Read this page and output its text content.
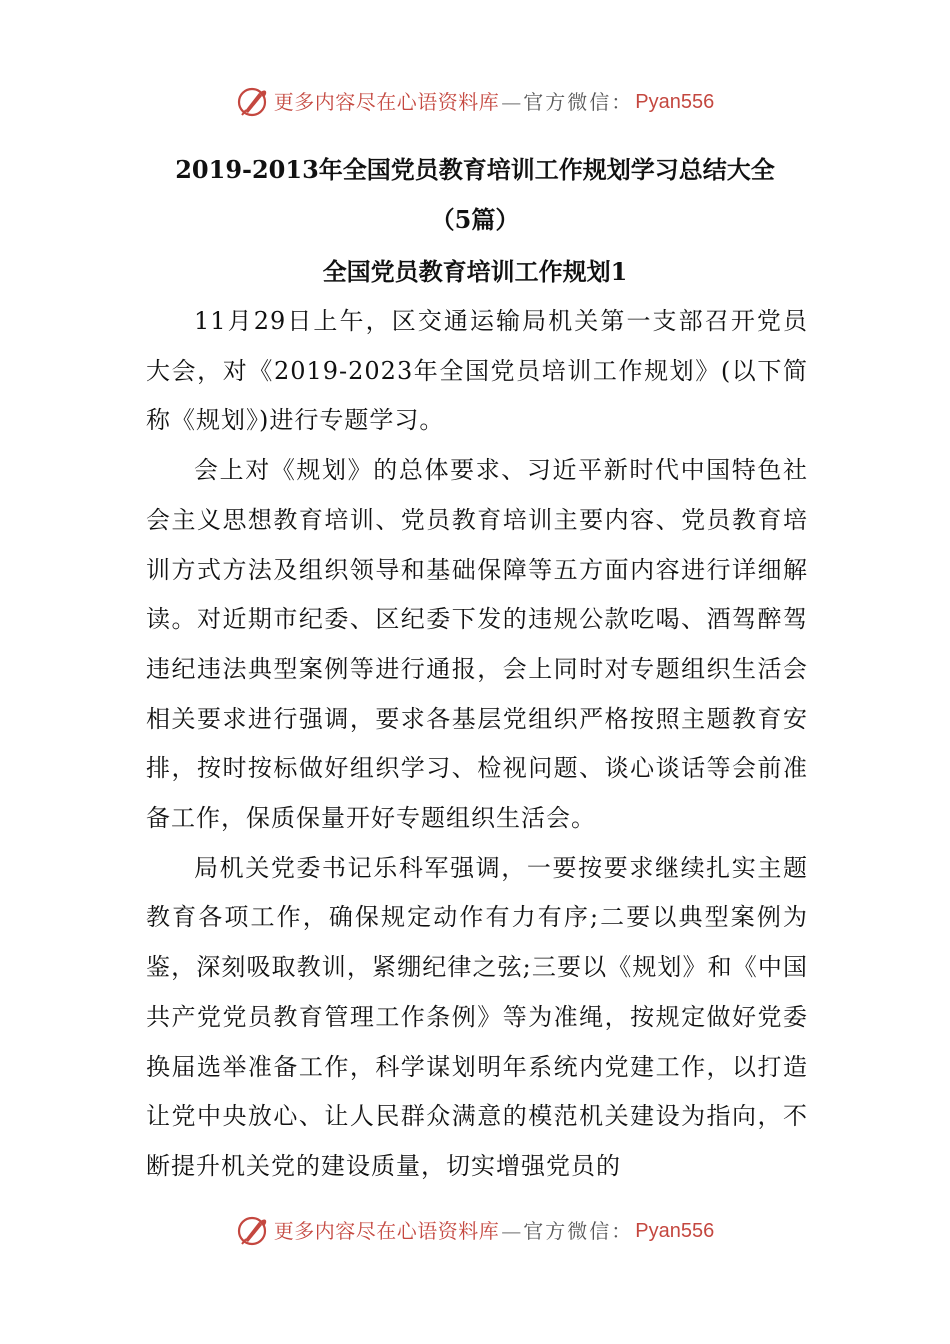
更多内容尽在心语资料库 — 官方微信： Pyan556
2019-2013年全国党员教育培训工作规划学习总结大全
（5篇）
全国党员教育培训工作规划1

11月29日上午，区交通运输局机关第一支部召开党员大会，对《2019-2023年全国党员培训工作规划》(以下简称《规划》)进行专题学习。

会上对《规划》的总体要求、习近平新时代中国特色社会主义思想教育培训、党员教育培训主要内容、党员教育培训方式方法及组织领导和基础保障等五方面内容进行详细解读。对近期市纪委、区纪委下发的违规公款吃喝、酒驾醉驾违纪违法典型案例等进行通报，会上同时对专题组织生活会相关要求进行强调，要求各基层党组织严格按照主题教育安排，按时按标做好组织学习、检视问题、谈心谈话等会前准备工作，保质保量开好专题组织生活会。

局机关党委书记乐科军强调，一要按要求继续扎实主题教育各项工作，确保规定动作有力有序;二要以典型案例为鉴，深刻吸取教训，紧绷纪律之弦;三要以《规划》和《中国共产党党员教育管理工作条例》等为准绳，按规定做好党委换届选举准备工作，科学谋划明年系统内党建工作，以打造让党中央放心、让人民群众满意的模范机关建设为指向，不断提升机关党的建设质量，切实增强党员的

更多内容尽在心语资料库 — 官方微信： Pyan556
